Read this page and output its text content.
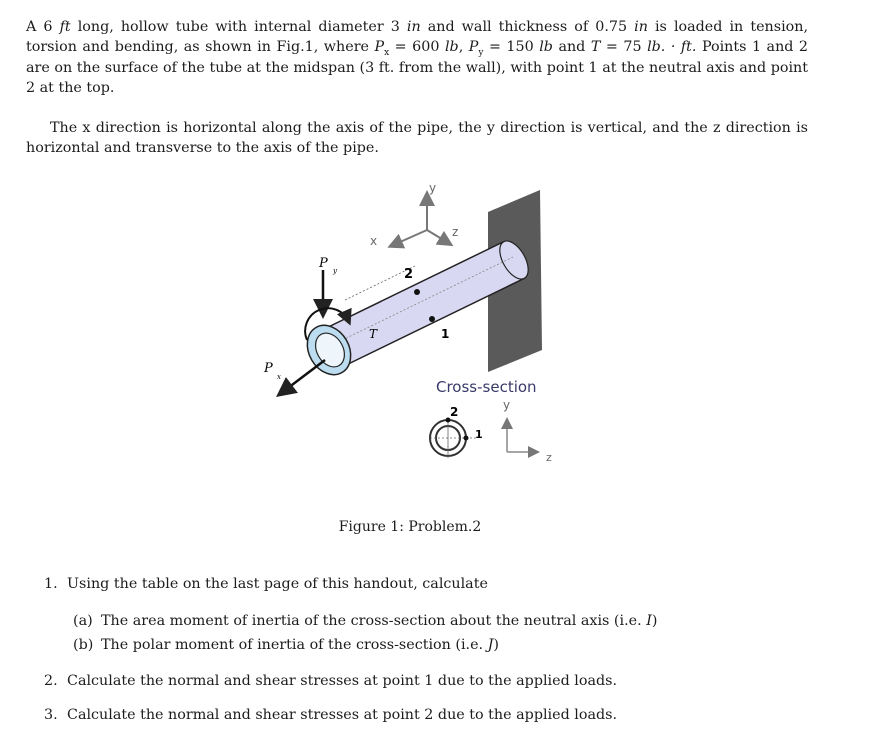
A 6 ft long, hollow tube with internal diameter 3 in and wall thickness of 0.75 in is loaded in tension, torsion and bending, as shown in Fig.1, where $P_x = 600$ lb, $P_y = 150$ lb and T = 75 lb. · ft. Points 1 and 2 are on the surface of the tube at the midspan (3 ft. from the wall), with point 1 at the neutral axis and point 2 at the top.

The x direction is horizontal along the axis of the pipe, the y direction is vertical, and the z direction is horizontal and transverse to the axis of the pipe.

y
x
z
P y
P
x
T
2
1
Cross-section
2
1
y
z
Figure 1: Problem.2

1. Using the table on the last page of this handout, calculate

(a) The area moment of inertia of the cross-section about the neutral axis (i.e. I)

(b) The polar moment of inertia of the cross-section (i.e. J)

2. Calculate the normal and shear stresses at point 1 due to the applied loads.

3. Calculate the normal and shear stresses at point 2 due to the applied loads.
